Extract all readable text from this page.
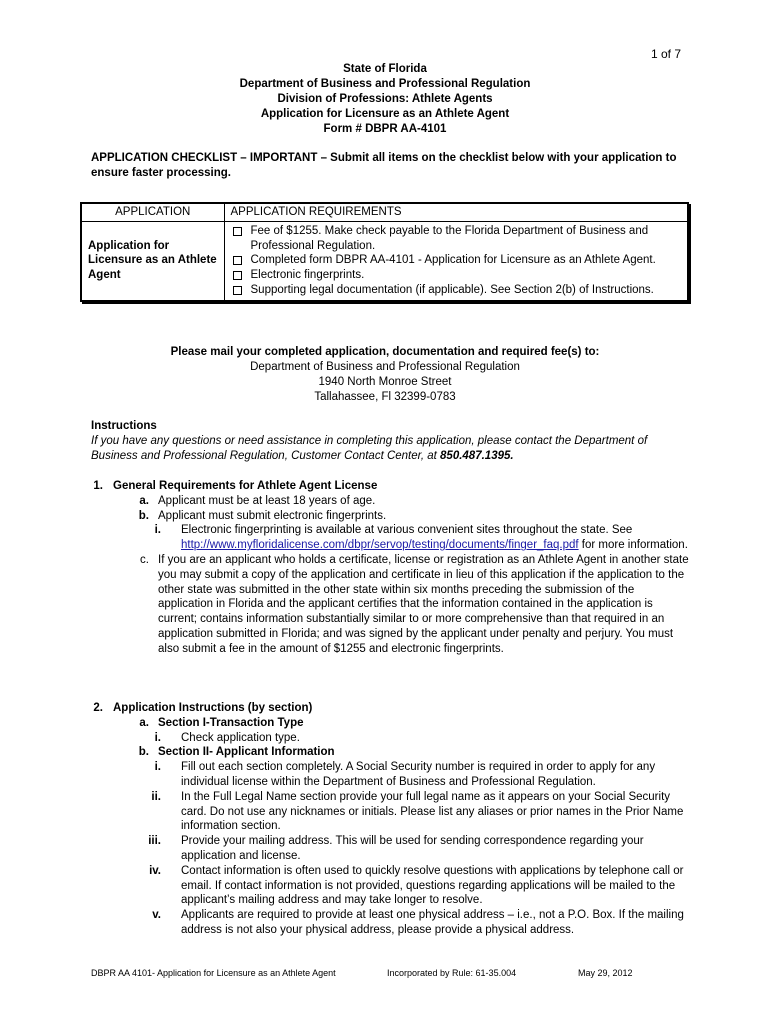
1 of 7
State of Florida
Department of Business and Professional Regulation
Division of Professions: Athlete Agents
Application for Licensure as an Athlete Agent
Form # DBPR AA-4101
APPLICATION CHECKLIST – IMPORTANT – Submit all items on the checklist below with your application to ensure faster processing.
APPLICATION	APPLICATION REQUIREMENTS
Application for Licensure as an Athlete Agent	Fee of $1255. Make check payable to the Florida Department of Business and Professional Regulation.
Completed form DBPR AA-4101 - Application for Licensure as an Athlete Agent.
Electronic fingerprints.
Supporting legal documentation (if applicable). See Section 2(b) of Instructions.
Please mail your completed application, documentation and required fee(s) to:
Department of Business and Professional Regulation
1940 North Monroe Street
Tallahassee, Fl 32399-0783
Instructions
If you have any questions or need assistance in completing this application, please contact the Department of Business and Professional Regulation, Customer Contact Center, at 850.487.1395.
1. General Requirements for Athlete Agent License
a. Applicant must be at least 18 years of age.
b. Applicant must submit electronic fingerprints.
i. Electronic fingerprinting is available at various convenient sites throughout the state. See http://www.myfloridalicense.com/dbpr/servop/testing/documents/finger_faq.pdf for more information.
c. If you are an applicant who holds a certificate, license or registration as an Athlete Agent in another state you may submit a copy of the application and certificate in lieu of this application if the application to the other state was submitted in the other state within six months preceding the submission of the application in Florida and the applicant certifies that the information contained in the application is current; contains information substantially similar to or more comprehensive than that required in an application submitted in Florida; and was signed by the applicant under penalty and perjury. You must also submit a fee in the amount of $1255 and electronic fingerprints.
2. Application Instructions (by section)
a. Section I-Transaction Type
i. Check application type.
b. Section II- Applicant Information
i. Fill out each section completely. A Social Security number is required in order to apply for any individual license within the Department of Business and Professional Regulation.
ii. In the Full Legal Name section provide your full legal name as it appears on your Social Security card. Do not use any nicknames or initials. Please list any aliases or prior names in the Prior Name information section.
iii. Provide your mailing address. This will be used for sending correspondence regarding your application and license.
iv. Contact information is often used to quickly resolve questions with applications by telephone call or email. If contact information is not provided, questions regarding applications will be mailed to the applicant’s mailing address and may take longer to resolve.
v. Applicants are required to provide at least one physical address – i.e., not a P.O. Box. If the mailing address is not also your physical address, please provide a physical address.
DBPR AA 4101- Application for Licensure as an Athlete Agent	Incorporated by Rule: 61-35.004	May 29, 2012
